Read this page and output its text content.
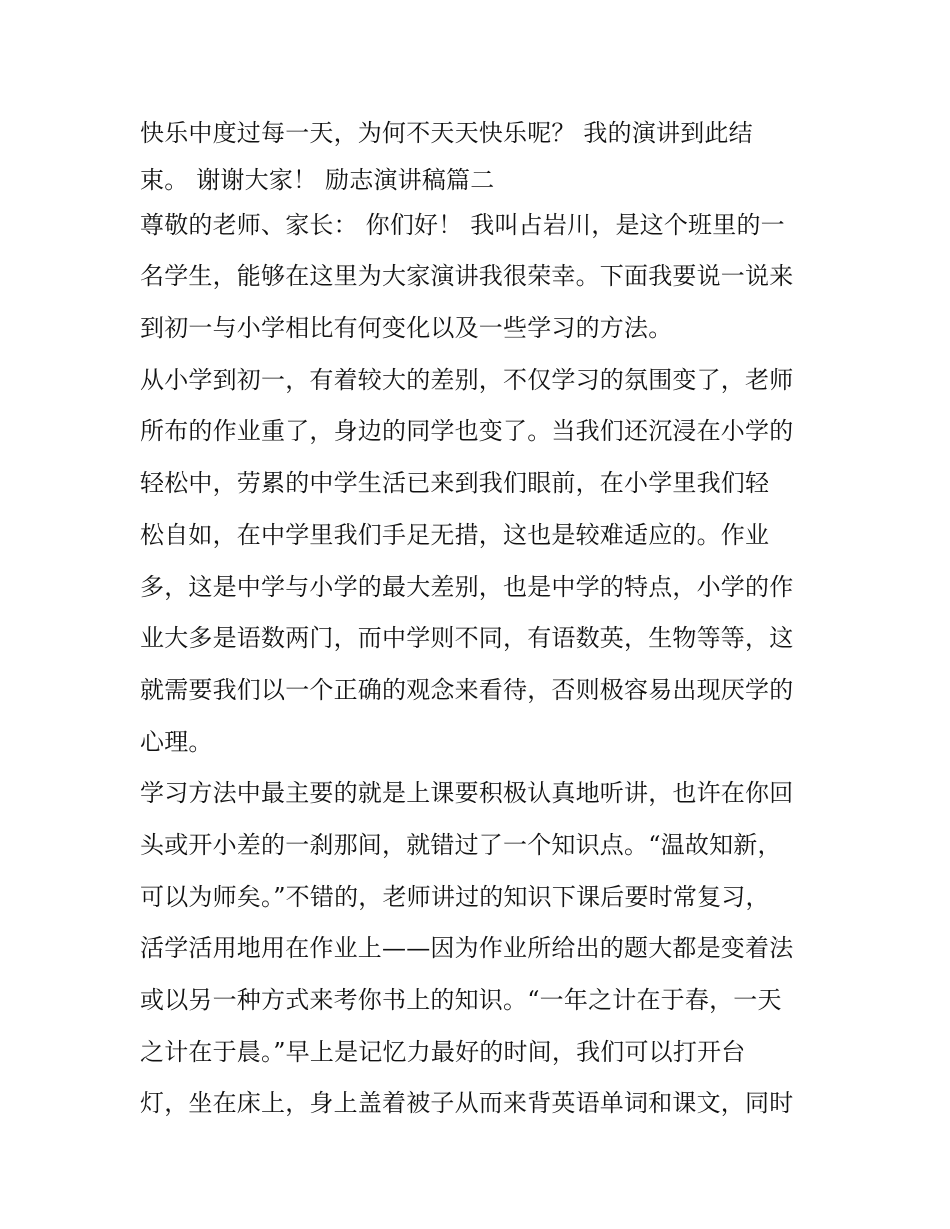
快乐中度过每一天，为何不天天快乐呢？ 我的演讲到此结
束。 谢谢大家！ 励志演讲稿篇二
尊敬的老师、家长： 你们好！ 我叫占岩川，是这个班里的一
名学生，能够在这里为大家演讲我很荣幸。下面我要说一说来
到初一与小学相比有何变化以及一些学习的方法。
从小学到初一，有着较大的差别，不仅学习的氛围变了，老师
所布的作业重了，身边的同学也变了。当我们还沉浸在小学的
轻松中，劳累的中学生活已来到我们眼前，在小学里我们轻
松自如，在中学里我们手足无措，这也是较难适应的。作业
多，这是中学与小学的最大差别，也是中学的特点，小学的作
业大多是语数两门，而中学则不同，有语数英，生物等等，这
就需要我们以一个正确的观念来看待，否则极容易出现厌学的
心理。
学习方法中最主要的就是上课要积极认真地听讲，也许在你回
头或开小差的一刹那间，就错过了一个知识点。“温故知新，
可以为师矣。”不错的，老师讲过的知识下课后要时常复习，
活学活用地用在作业上——因为作业所给出的题大都是变着法
或以另一种方式来考你书上的知识。“一年之计在于春，一天
之计在于晨。”早上是记忆力最好的时间，我们可以打开台
灯，坐在床上，身上盖着被子从而来背英语单词和课文，同时
